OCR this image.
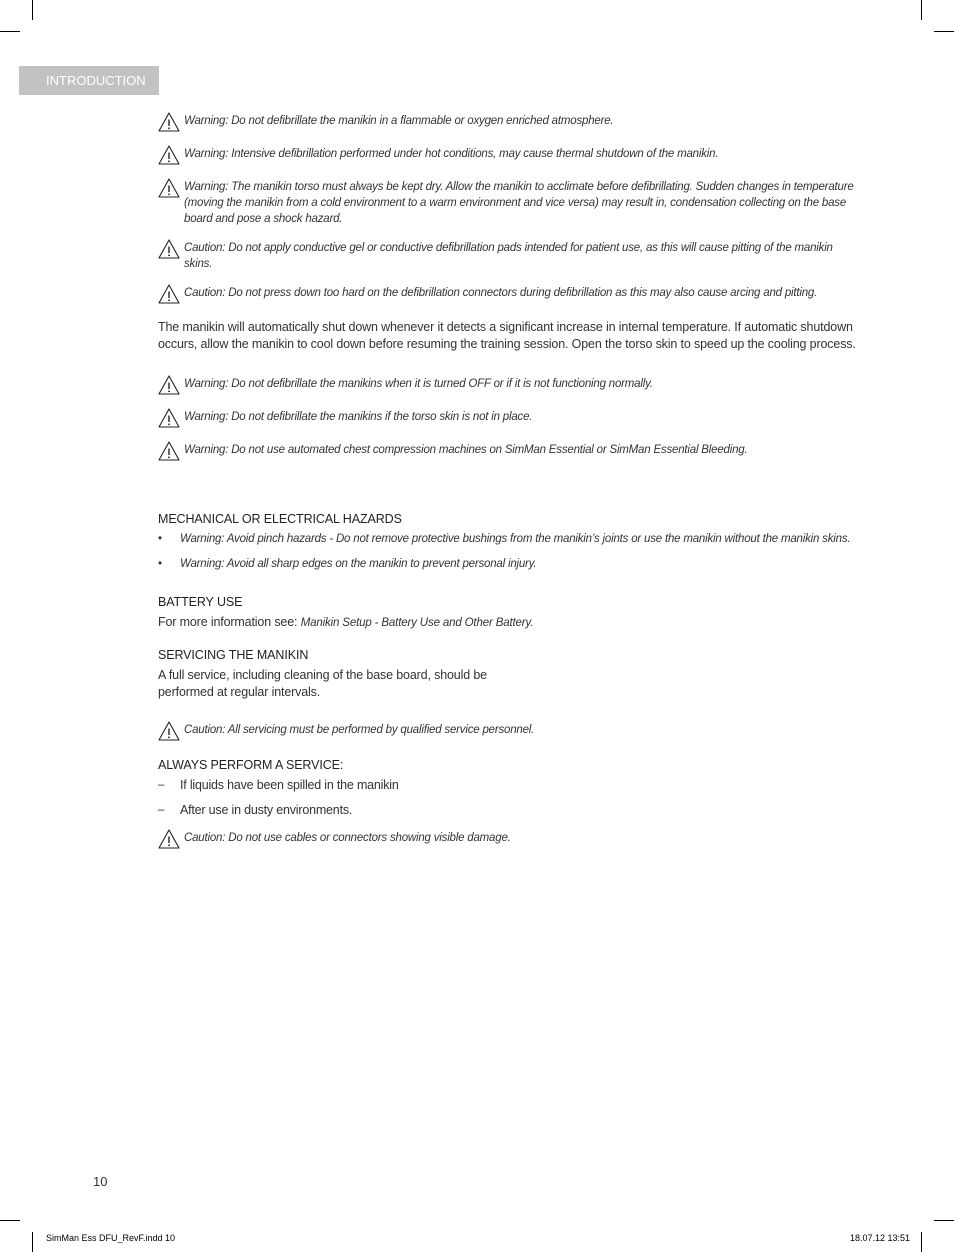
INTRODUCTION
Warning: Do not defibrillate the manikin in a flammable or oxygen enriched atmosphere.
Warning: Intensive defibrillation performed under hot conditions, may cause thermal shutdown of the manikin.
Warning: The manikin torso must always be kept dry. Allow the manikin to acclimate before defibrillating. Sudden changes in temperature (moving the manikin from a cold environment to a warm environment and vice versa) may result in, condensation collecting on the base board and pose a shock hazard.
Caution: Do not apply conductive gel or conductive defibrillation pads intended for patient use, as this will cause pitting of the manikin skins.
Caution: Do not press down too hard on the defibrillation connectors during defibrillation as this may also cause arcing and pitting.

The manikin will automatically shut down whenever it detects a significant increase in internal temperature. If automatic shutdown occurs, allow the manikin to cool down before resuming the training session. Open the torso skin to speed up the cooling process.

Warning: Do not defibrillate the manikins when it is turned OFF or if it is not functioning normally.
Warning: Do not defibrillate the manikins if the torso skin is not in place.
Warning: Do not use automated chest compression machines on SimMan Essential or SimMan Essential Bleeding.
MECHANICAL OR ELECTRICAL HAZARDS
•	Warning: Avoid pinch hazards - Do not remove protective bushings from the manikin’s joints or use the manikin without the manikin skins.
•	Warning: Avoid all sharp edges on the manikin to prevent personal injury.
BATTERY USE

For more information see: Manikin Setup - Battery Use and Other Battery.

SERVICING THE MANIKIN

A full service, including cleaning of the base board, should be

performed at regular intervals.

Caution: All servicing must be performed by qualified service personnel.
ALWAYS PERFORM A SERVICE:
–	If liquids have been spilled in the manikin
–	After use in dusty environments.
Caution: Do not use cables or connectors showing visible damage.
10
SimMan Ess DFU_RevF.indd 10	18.07.12 13:51
